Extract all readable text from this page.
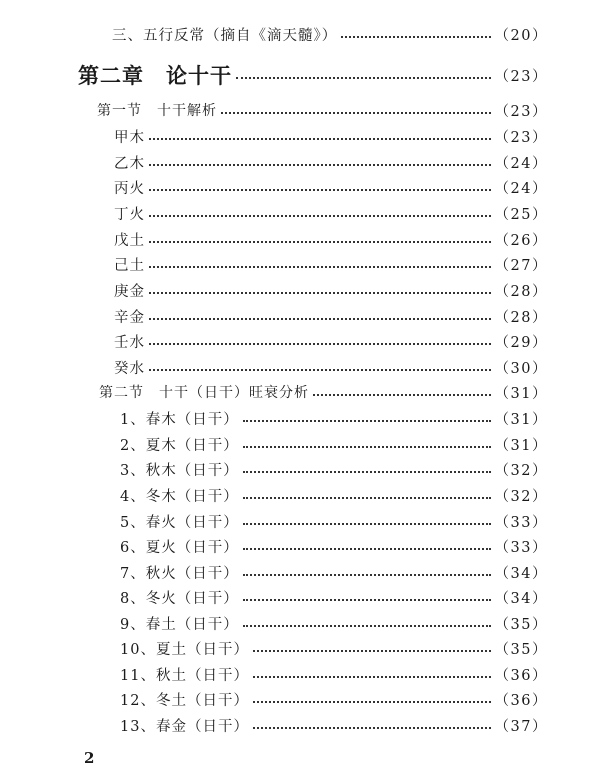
三、五行反常（摘自《滴天髓》）	（20）
第二章　论十干	（23）
第一节　十干解析	（23）
甲木	（23）
乙木	（24）
丙火	（24）
丁火	（25）
戊土	（26）
己土	（27）
庚金	（28）
辛金	（28）
壬水	（29）
癸水	（30）
第二节　十干（日干）旺衰分析	（31）
1、春木（日干）	（31）
2、夏木（日干）	（31）
3、秋木（日干）	（32）
4、冬木（日干）	（32）
5、春火（日干）	（33）
6、夏火（日干）	（33）
7、秋火（日干）	（34）
8、冬火（日干）	（34）
9、春土（日干）	（35）
10、夏土（日干）	（35）
11、秋土（日干）	（36）
12、冬土（日干）	（36）
13、春金（日干）	（37）
2
